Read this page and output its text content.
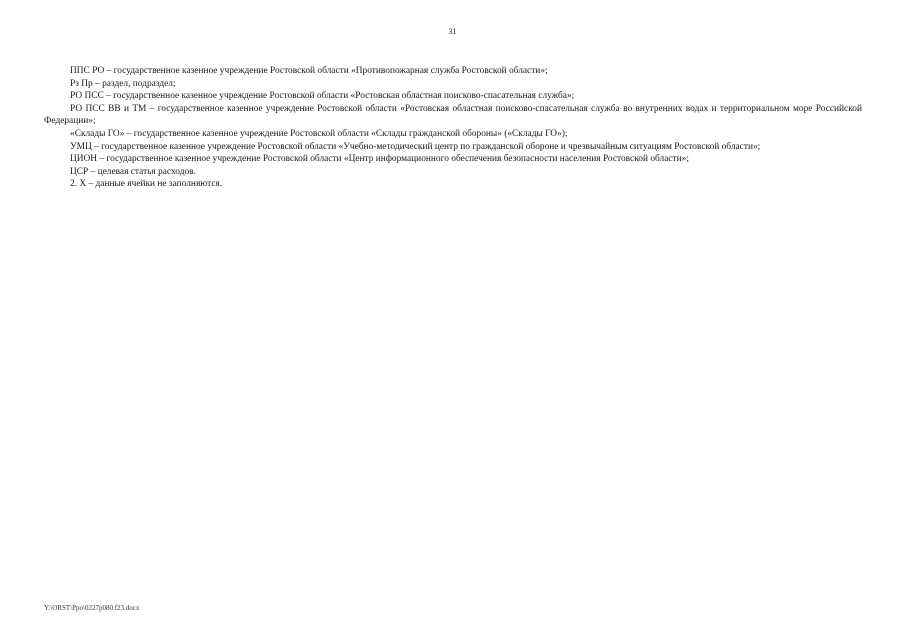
31

ППС РО – государственное казенное учреждение Ростовской области «Противопожарная служба Ростовской области»;

Рз Пр – раздел, подраздел;

РО ПСС – государственное казенное учреждение Ростовской области «Ростовская областная поисково-спасательная служба»;

РО ПСС ВВ и ТМ – государственное казенное учреждение Ростовской области «Ростовская областная поисково-спасательная служба во внутренних водах и территориальном море Российской Федерации»;

«Склады ГО» – государственное казенное учреждение Ростовской области «Склады гражданской обороны» («Склады ГО»);

УМЦ – государственное казенное учреждение Ростовской области «Учебно-методический центр по гражданской обороне и чрезвычайным ситуациям Ростовской области»;

ЦИОН – государственное казенное учреждение Ростовской области «Центр информационного обеспечения безопасности населения Ростовской области»;

ЦСР – целевая статья расходов.

2. Х – данные ячейки не заполняются.

Y:\ORST\Ppo\0227p080.f23.docx
